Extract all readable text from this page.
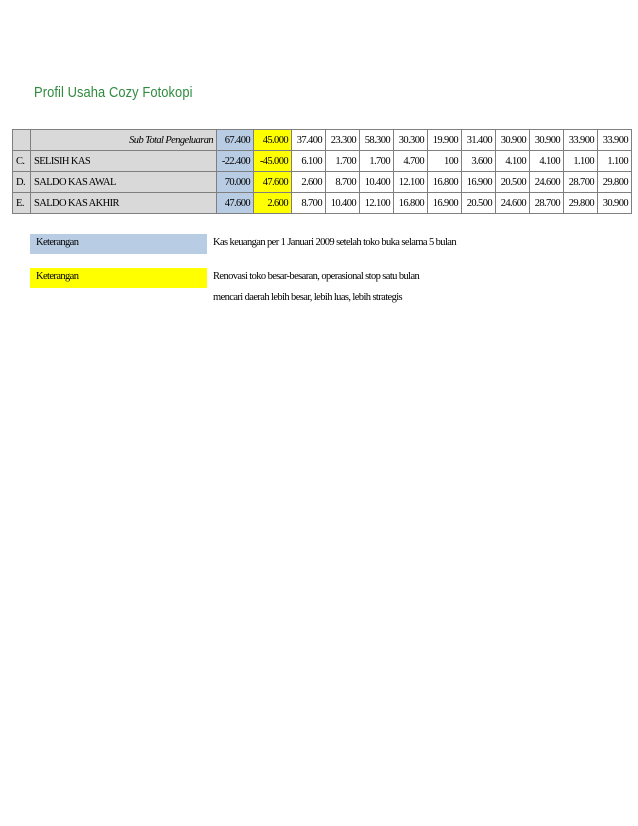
Profil Usaha Cozy Fotokopi
	Sub Total Pengeluaran	67.400	45.000	37.400	23.300	58.300	30.300	19.900	31.400	30.900	30.900	33.900	33.900
C.	SELISIH KAS	-22.400	-45.000	6.100	1.700	1.700	4.700	100	3.600	4.100	4.100	1.100	1.100
D.	SALDO KAS AWAL	70.000	47.600	2.600	8.700	10.400	12.100	16.800	16.900	20.500	24.600	28.700	29.800
E.	SALDO KAS AKHIR	47.600	2.600	8.700	10.400	12.100	16.800	16.900	20.500	24.600	28.700	29.800	30.900
Keterangan	Kas keuangan per 1 Januari 2009 setelah toko buka selama 5 bulan
Keterangan	Renovasi toko besar-besaran, operasional stop satu bulan
mencari daerah lebih besar, lebih luas, lebih strategis
